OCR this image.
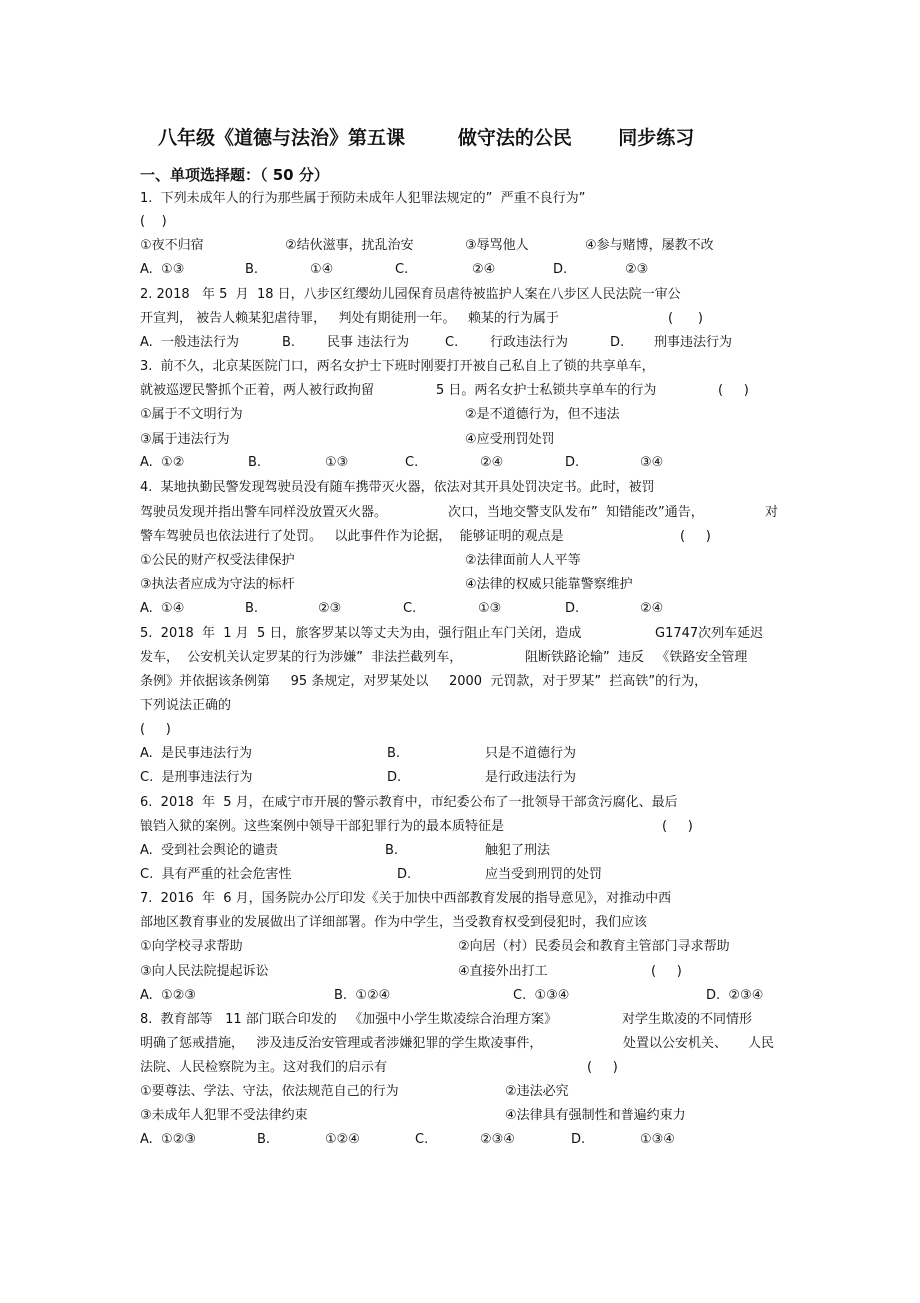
八年级《道德与法治》第五课        做守法的公民       同步练习
一、单项选择题：（ 50 分）
1.  下列未成年人的行为那些属于预防未成年人犯罪法规定的”  严重不良行为”
(    )
①夜不归宿	②结伙滋事，扰乱治安	③辱骂他人	④参与赌博，屡教不改
A.  ①③	B.	①④	C.	②④	D.	②③
2. 2018   年 5  月  18 日，八步区红缨幼儿园保育员虐待被监护人案在八步区人民法院一审公
开宣判， 被告人赖某犯虐待罪，   判处有期徒刑一年。   赖某的行为属于	(      )
A.  一般违法行为	B. 民事 违法行为	C. 行政违法行为	D. 刑事违法行为
3.  前不久，北京某医院门口，两名女护士下班时刚要打开被自己私自上了锁的共享单车，
就被巡逻民警抓个正着，两人被行政拘留	5 日。两名女护士私锁共享单车的行为	(     )
①属于不文明行为	②是不道德行为，但不违法
③属于违法行为	④应受刑罚处罚
A.  ①②	B.	①③	C.	②④	D.	③④
4.  某地执勤民警发现驾驶员没有随车携带灭火器，依法对其开具处罚决定书。此时，被罚
驾驶员发现并指出警车同样没放置灭火器。	次口，当地交警支队发布”  知错能改”通告，	对
警车驾驶员也依法进行了处罚。   以此事件作为论据，  能够证明的观点是	(     )
①公民的财产权受法律保护	②法律面前人人平等
③执法者应成为守法的标杆	④法律的权威只能靠警察维护
A.  ①④	B.	②③	C.	①③	D.	②④
5.  2018  年  1 月  5 日，旅客罗某以等丈夫为由，强行阻止车门关闭，造成	G1747次列车延迟
发车，  公安机关认定罗某的行为涉嫌”  非法拦截列车，	阻断铁路论输”  违反   《铁路安全管理
条例》并依据该条例第     95 条规定，对罗某处以     2000  元罚款，对于罗某”  拦高铁”的行为，
下列说法正确的
(     )
A.  是民事违法行为	B.	只是不道德行为
C.  是刑事违法行为	D.	是行政违法行为
6.  2018  年  5 月，在咸宁市开展的警示教育中，市纪委公布了一批领导干部贪污腐化、最后
锒铛入狱的案例。这些案例中领导干部犯罪行为的最本质特征是	(     )
A.  受到社会舆论的谴责	B.	触犯了刑法
C.  具有严重的社会危害性	D.	应当受到刑罚的处罚
7.  2016  年  6 月，国务院办公厅印发《关于加快中西部教育发展的指导意见》，对推动中西
部地区教育事业的发展做出了详细部署。作为中学生，当受教育权受到侵犯时，我们应该
①向学校寻求帮助	②向居（村）民委员会和教育主管部门寻求帮助
③向人民法院提起诉讼	④直接外出打工	(     )
A.  ①②③	B.  ①②④	C.  ①③④	D.  ②③④
8.  教育部等   11 部门联合印发的   《加强中小学生欺凌综合治理方案》	对学生欺凌的不同情形
明确了惩戒措施，   涉及违反治安管理或者涉嫌犯罪的学生欺凌事件，	处置以公安机关、 人民
法院、人民检察院为主。这对我们的启示有	(     )
①要尊法、学法、守法，依法规范自己的行为	②违法必究
③未成年人犯罪不受法律约束	④法律具有强制性和普遍约束力
A.  ①②③	B.	①②④	C.	②③④	D.	①③④
